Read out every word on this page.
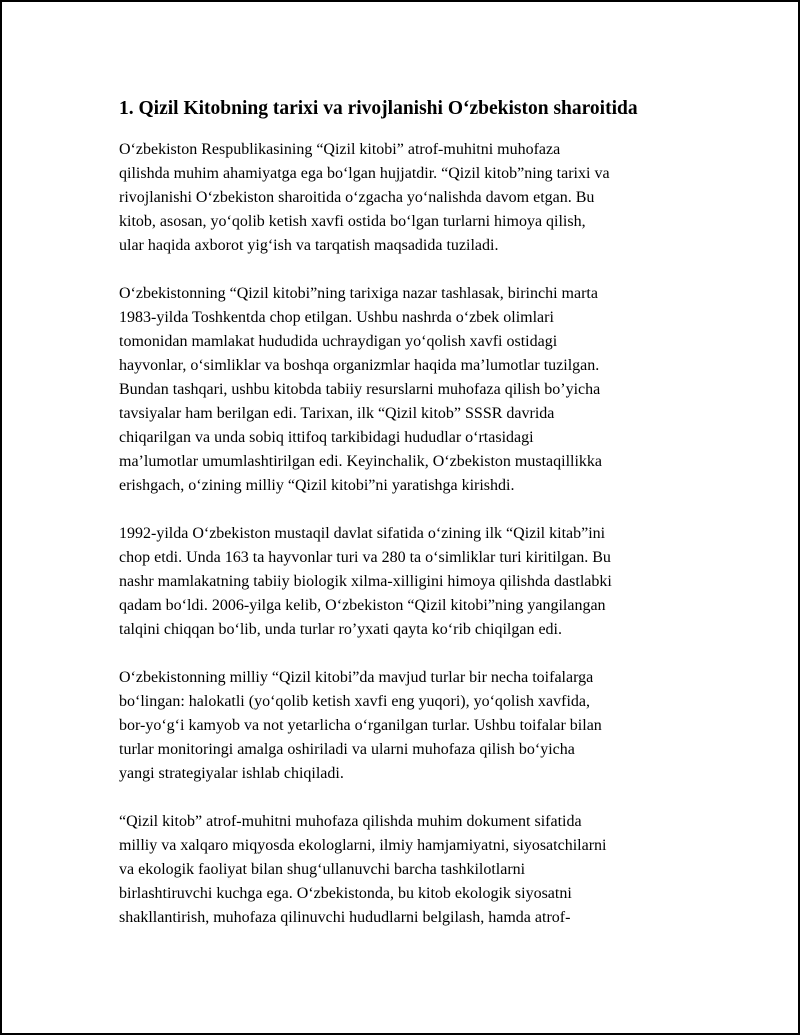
1. Qizil Kitobning tarixi va rivojlanishi O‘zbekiston sharoitida

O‘zbekiston Respublikasining “Qizil kitobi” atrof-muhitni muhofaza
qilishda muhim ahamiyatga ega bo‘lgan hujjatdir. “Qizil kitob”ning tarixi va
rivojlanishi O‘zbekiston sharoitida o‘zgacha yo‘nalishda davom etgan. Bu
kitob, asosan, yo‘qolib ketish xavfi ostida bo‘lgan turlarni himoya qilish,
ular haqida axborot yig‘ish va tarqatish maqsadida tuziladi.

O‘zbekistonning “Qizil kitobi”ning tarixiga nazar tashlasak, birinchi marta
1983-yilda Toshkentda chop etilgan. Ushbu nashrda o‘zbek olimlari
tomonidan mamlakat hududida uchraydigan yo‘qolish xavfi ostidagi
hayvonlar, o‘simliklar va boshqa organizmlar haqida ma’lumotlar tuzilgan.
Bundan tashqari, ushbu kitobda tabiiy resurslarni muhofaza qilish bo’yicha
tavsiyalar ham berilgan edi. Tarixan, ilk “Qizil kitob” SSSR davrida
chiqarilgan va unda sobiq ittifoq tarkibidagi hududlar o‘rtasidagi
ma’lumotlar umumlashtirilgan edi. Keyinchalik, O‘zbekiston mustaqillikka
erishgach, o‘zining milliy “Qizil kitobi”ni yaratishga kirishdi.

1992-yilda O‘zbekiston mustaqil davlat sifatida o‘zining ilk “Qizil kitab”ini
chop etdi. Unda 163 ta hayvonlar turi va 280 ta o‘simliklar turi kiritilgan. Bu
nashr mamlakatning tabiiy biologik xilma-xilligini himoya qilishda dastlabki
qadam bo‘ldi. 2006-yilga kelib, O‘zbekiston “Qizil kitobi”ning yangilangan
talqini chiqqan bo‘lib, unda turlar ro’yxati qayta ko‘rib chiqilgan edi.

O‘zbekistonning milliy “Qizil kitobi”da mavjud turlar bir necha toifalarga
bo‘lingan: halokatli (yo‘qolib ketish xavfi eng yuqori), yo‘qolish xavfida,
bor-yo‘g‘i kamyob va not yetarlicha o‘rganilgan turlar. Ushbu toifalar bilan
turlar monitoringi amalga oshiriladi va ularni muhofaza qilish bo‘yicha
yangi strategiyalar ishlab chiqiladi.

“Qizil kitob” atrof-muhitni muhofaza qilishda muhim dokument sifatida
milliy va xalqaro miqyosda ekologlarni, ilmiy hamjamiyatni, siyosatchilarni
va ekologik faoliyat bilan shug‘ullanuvchi barcha tashkilotlarni
birlashtiruvchi kuchga ega. O‘zbekistonda, bu kitob ekologik siyosatni
shakllantirish, muhofaza qilinuvchi hududlarni belgilash, hamda atrof-
